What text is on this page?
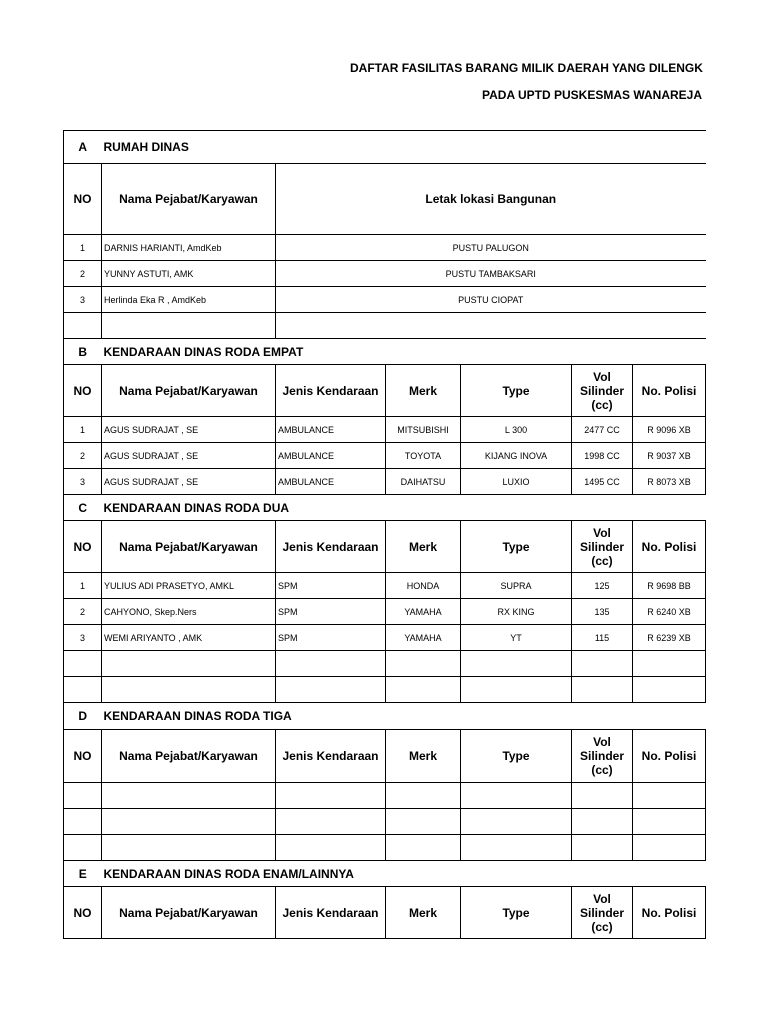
DAFTAR FASILITAS BARANG MILIK DAERAH YANG DILENGK
PADA UPTD PUSKESMAS WANAREJA
A	RUMAH DINAS					
NO	Nama Pejabat/Karyawan	Letak lokasi Bangunan				
1	DARNIS HARIANTI, AmdKeb	PUSTU PALUGON				
2	YUNNY ASTUTI, AMK	PUSTU TAMBAKSARI				
3	Herlinda Eka R , AmdKeb	PUSTU CIOPAT				

B	KENDARAAN DINAS RODA EMPAT					
NO	Nama Pejabat/Karyawan	Jenis Kendaraan	Merk	Type	Vol Silinder (cc)	No. Polisi
1	AGUS SUDRAJAT , SE	AMBULANCE	MITSUBISHI	L 300	2477 CC	R 9096 XB
2	AGUS SUDRAJAT , SE	AMBULANCE	TOYOTA	KIJANG INOVA	1998 CC	R 9037 XB
3	AGUS SUDRAJAT , SE	AMBULANCE	DAIHATSU	LUXIO	1495 CC	R 8073 XB
C	KENDARAAN DINAS RODA DUA					
NO	Nama Pejabat/Karyawan	Jenis Kendaraan	Merk	Type	Vol Silinder (cc)	No. Polisi
1	YULIUS ADI PRASETYO, AMKL	SPM	HONDA	SUPRA	125	R 9698 BB
2	CAHYONO, Skep.Ners	SPM	YAMAHA	RX KING	135	R 6240 XB
3	WEMI ARIYANTO , AMK	SPM	YAMAHA	YT	115	R 6239 XB

D	KENDARAAN DINAS RODA TIGA					
NO	Nama Pejabat/Karyawan	Jenis Kendaraan	Merk	Type	Vol Silinder (cc)	No. Polisi

E	KENDARAAN DINAS RODA ENAM/LAINNYA					
NO	Nama Pejabat/Karyawan	Jenis Kendaraan	Merk	Type	Vol Silinder (cc)	No. Polisi
